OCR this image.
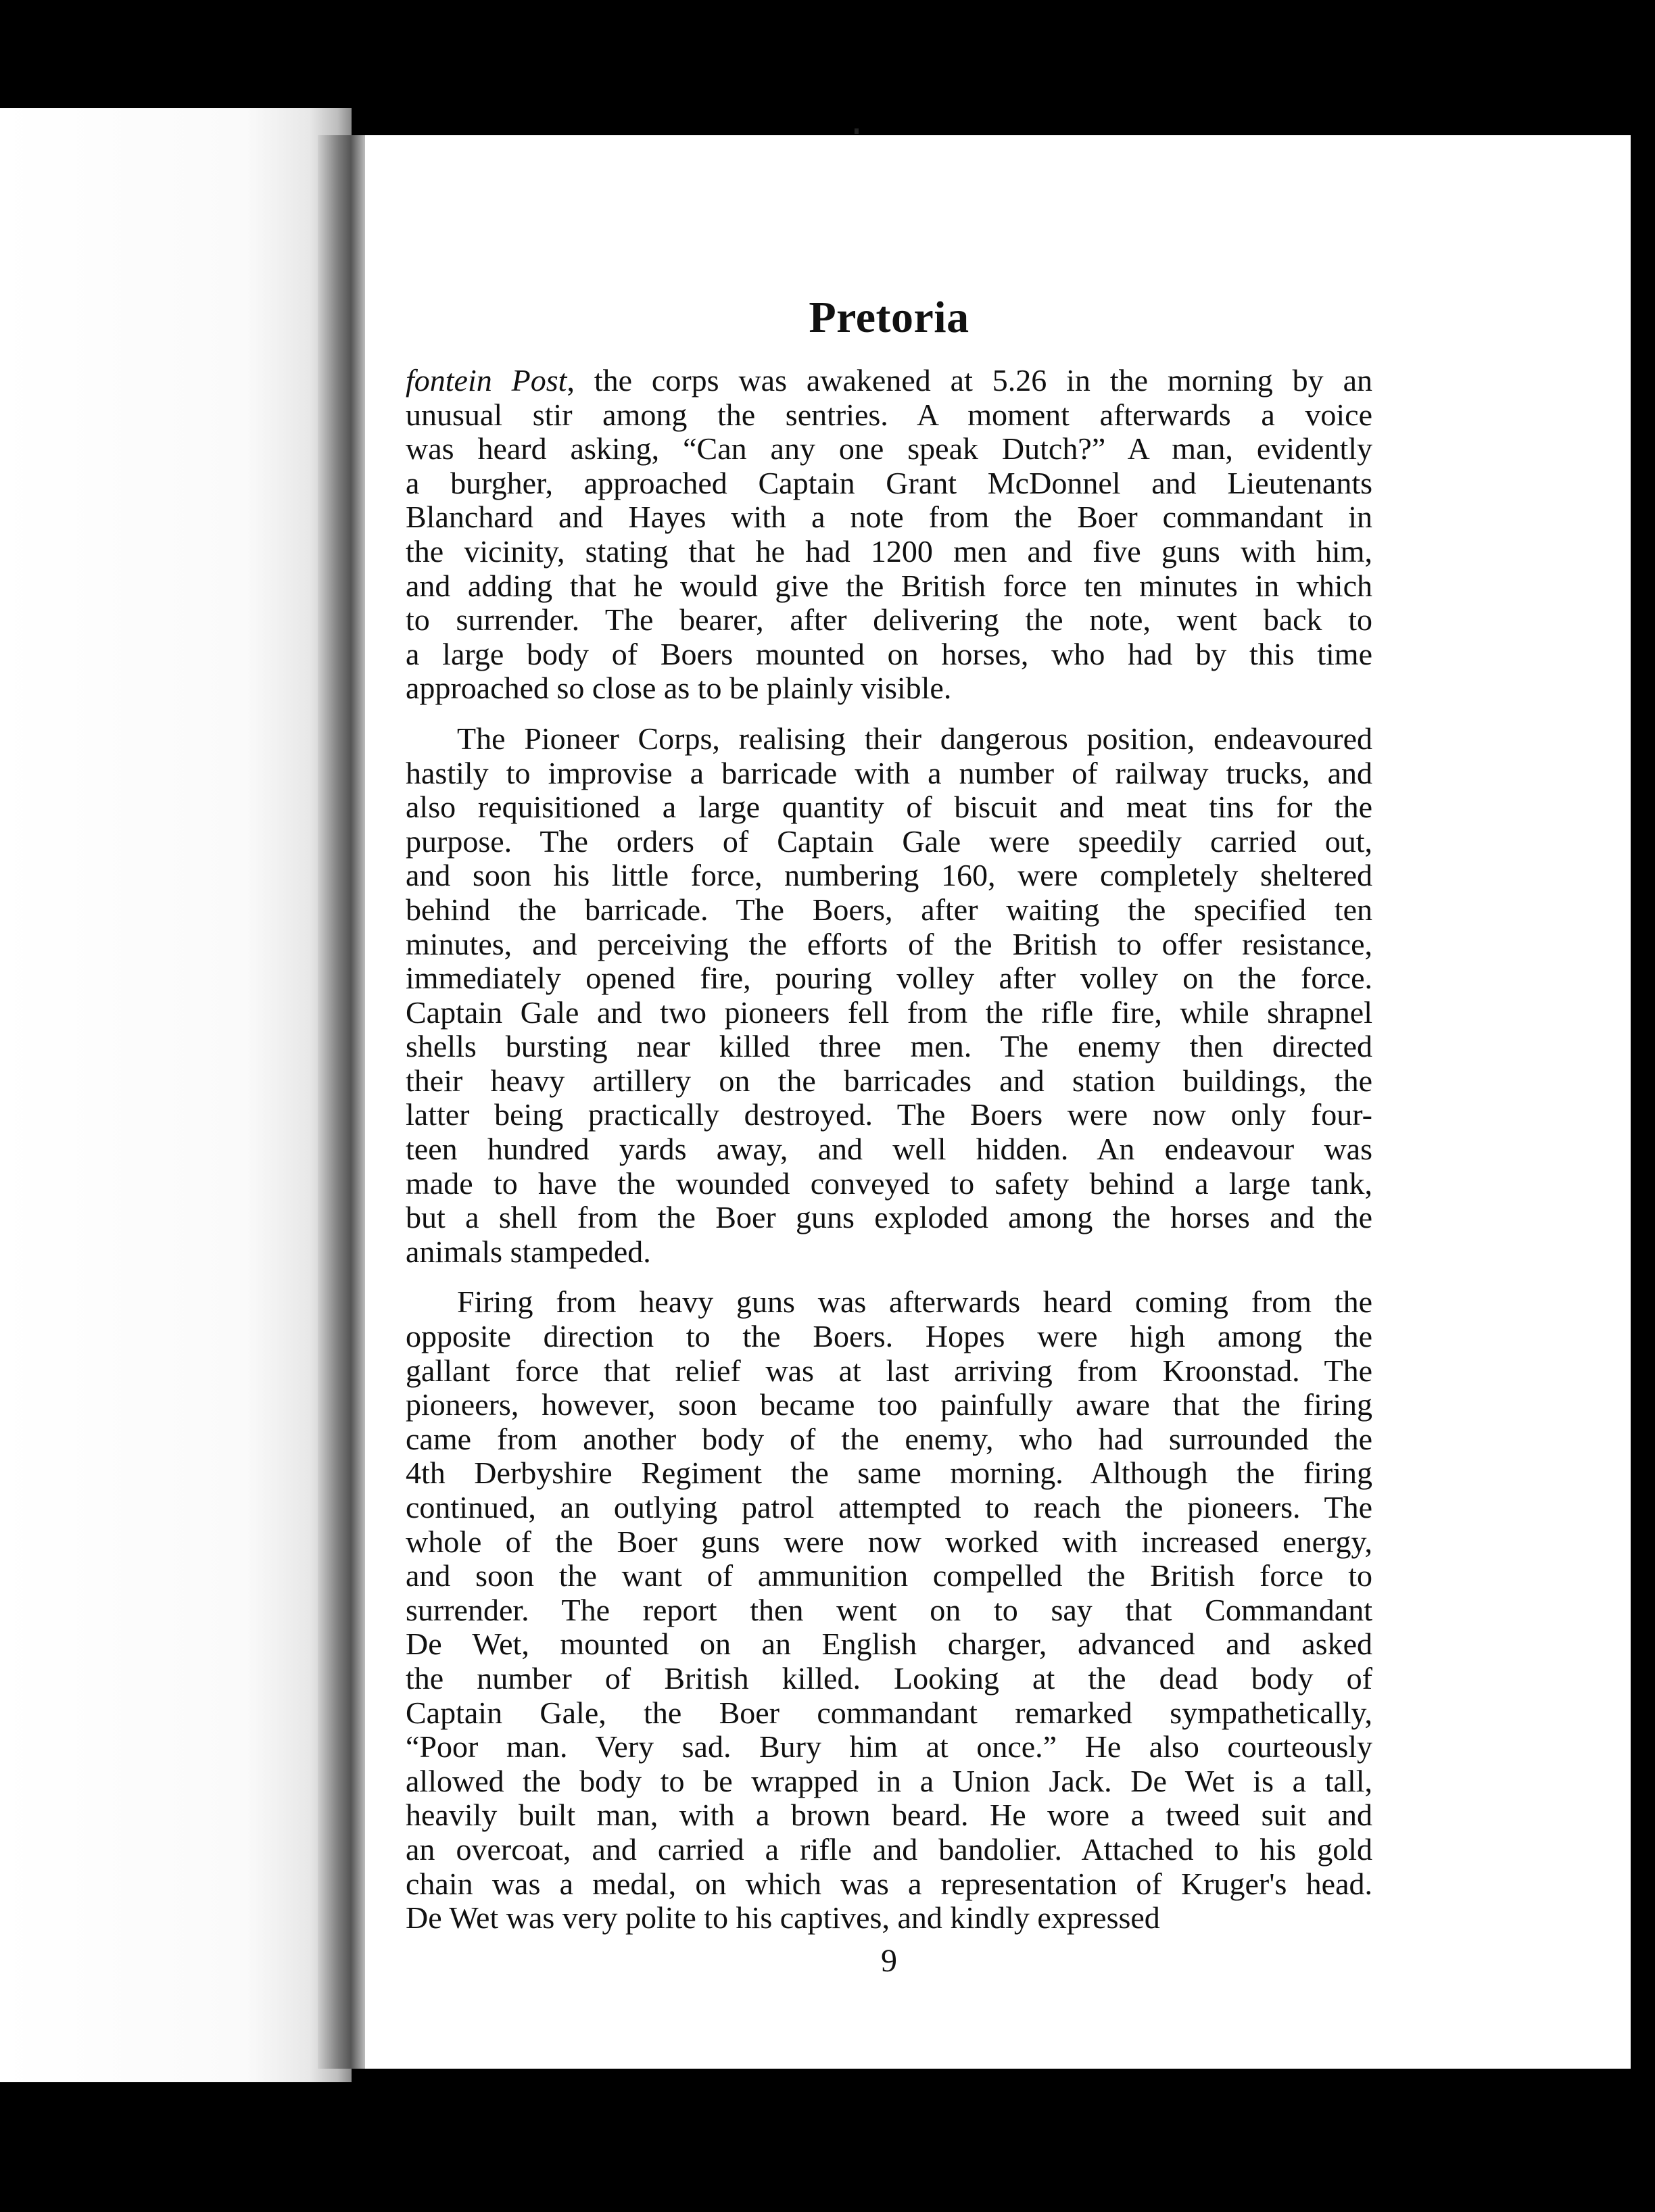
Pretoria
fontein Post, the corps was awakened at 5.26 in the morning by an
unusual stir among the sentries. A moment afterwards a voice
was heard asking, “Can any one speak Dutch?” A man, evidently
a burgher, approached Captain Grant McDonnel and Lieutenants
Blanchard and Hayes with a note from the Boer commandant in
the vicinity, stating that he had 1200 men and five guns with him,
and adding that he would give the British force ten minutes in which
to surrender. The bearer, after delivering the note, went back to
a large body of Boers mounted on horses, who had by this time
approached so close as to be plainly visible.
The Pioneer Corps, realising their dangerous position, endeavoured
hastily to improvise a barricade with a number of railway trucks, and
also requisitioned a large quantity of biscuit and meat tins for the
purpose. The orders of Captain Gale were speedily carried out,
and soon his little force, numbering 160, were completely sheltered
behind the barricade. The Boers, after waiting the specified ten
minutes, and perceiving the efforts of the British to offer resistance,
immediately opened fire, pouring volley after volley on the force.
Captain Gale and two pioneers fell from the rifle fire, while shrapnel
shells bursting near killed three men. The enemy then directed
their heavy artillery on the barricades and station buildings, the
latter being practically destroyed. The Boers were now only four-
teen hundred yards away, and well hidden. An endeavour was
made to have the wounded conveyed to safety behind a large tank,
but a shell from the Boer guns exploded among the horses and the
animals stampeded.
Firing from heavy guns was afterwards heard coming from the
opposite direction to the Boers. Hopes were high among the
gallant force that relief was at last arriving from Kroonstad. The
pioneers, however, soon became too painfully aware that the firing
came from another body of the enemy, who had surrounded the
4th Derbyshire Regiment the same morning. Although the firing
continued, an outlying patrol attempted to reach the pioneers. The
whole of the Boer guns were now worked with increased energy,
and soon the want of ammunition compelled the British force to
surrender. The report then went on to say that Commandant
De Wet, mounted on an English charger, advanced and asked
the number of British killed. Looking at the dead body of
Captain Gale, the Boer commandant remarked sympathetically,
“Poor man. Very sad. Bury him at once.” He also courteously
allowed the body to be wrapped in a Union Jack. De Wet is a tall,
heavily built man, with a brown beard. He wore a tweed suit and
an overcoat, and carried a rifle and bandolier. Attached to his gold
chain was a medal, on which was a representation of Kruger's head.
De Wet was very polite to his captives, and kindly expressed
9
